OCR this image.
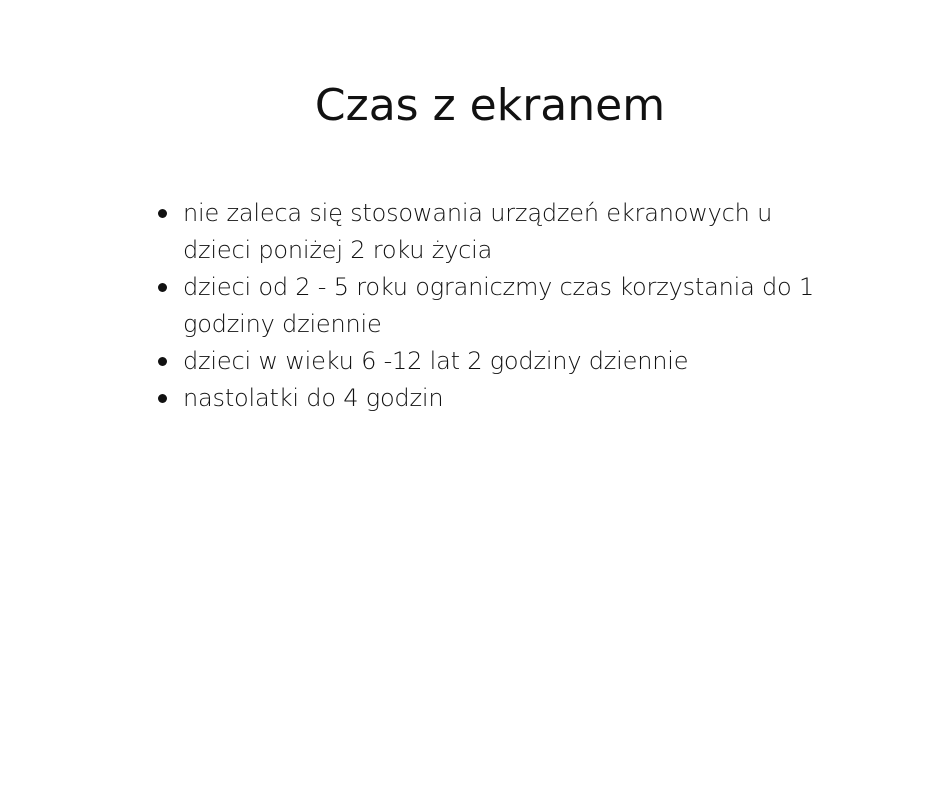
Czas z ekranem
nie zaleca się stosowania urządzeń ekranowych u dzieci poniżej 2 roku życia
dzieci od 2 - 5 roku ograniczmy czas korzystania do 1 godziny dziennie
dzieci w wieku 6 -12 lat 2 godziny dziennie
nastolatki do 4 godzin
